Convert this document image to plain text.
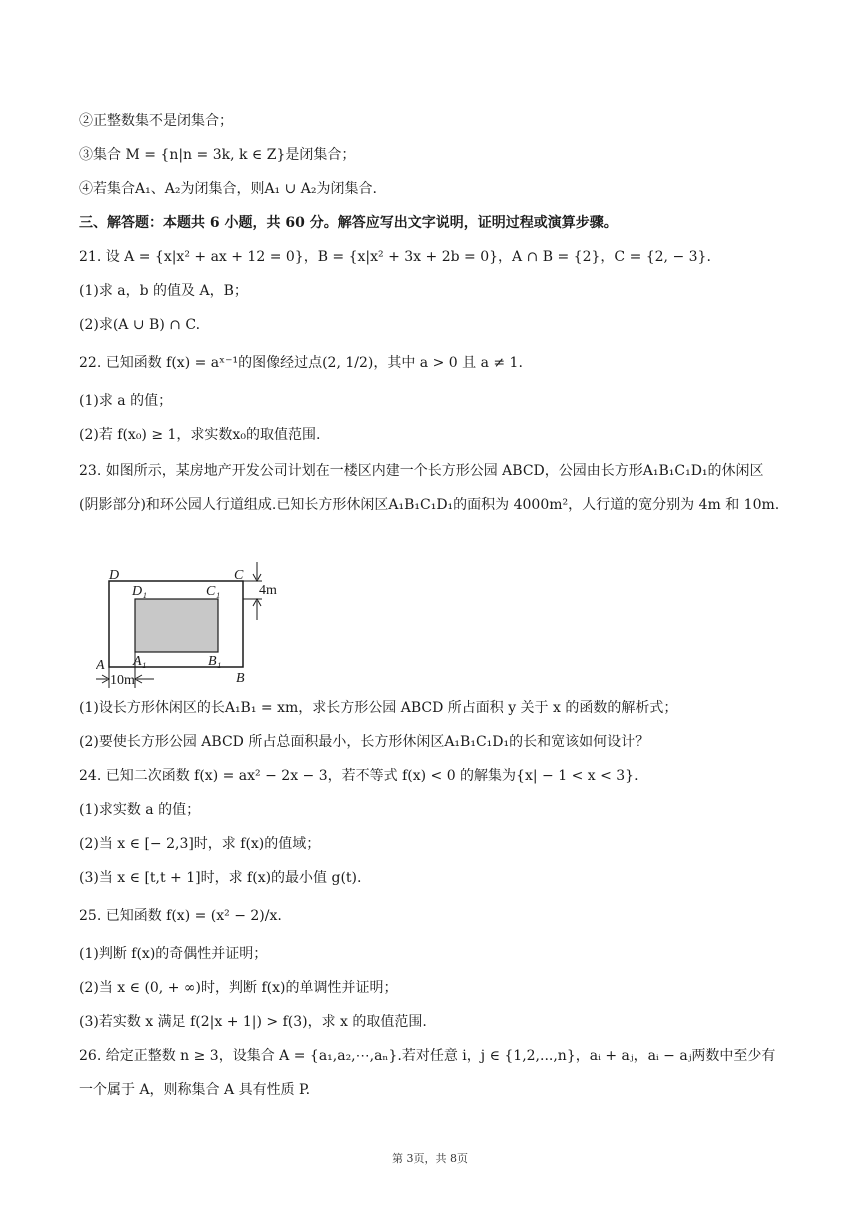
②正整数集不是闭集合；
③集合 M = {n|n = 3k, k ∈ Z}是闭集合；
④若集合A₁、A₂为闭集合，则A₁ ∪ A₂为闭集合.
三、解答题：本题共 6 小题，共 60 分。解答应写出文字说明，证明过程或演算步骤。
21. 设 A = {x|x² + ax + 12 = 0}，B = {x|x² + 3x + 2b = 0}，A ∩ B = {2}，C = {2, − 3}.
(1)求 a，b 的值及 A，B；
(2)求(A ∪ B) ∩ C.
22. 已知函数 f(x) = aˣ⁻¹的图像经过点(2, 1/2)，其中 a > 0 且 a ≠ 1.
(1)求 a 的值；
(2)若 f(x₀) ≥ 1，求实数x₀的取值范围.
23. 如图所示，某房地产开发公司计划在一楼区内建一个长方形公园 ABCD，公园由长方形A₁B₁C₁D₁的休闲区(阴影部分)和环公园人行道组成.已知长方形休闲区A₁B₁C₁D₁的面积为 4000m²，人行道的宽分别为 4m 和 10m.
D	C
A
B
D₁	C₁
A₁	B₁
4m
10m
(1)设长方形休闲区的长A₁B₁ = xm，求长方形公园 ABCD 所占面积 y 关于 x 的函数的解析式；
(2)要使长方形公园 ABCD 所占总面积最小，长方形休闲区A₁B₁C₁D₁的长和宽该如何设计？
24. 已知二次函数 f(x) = ax² − 2x − 3，若不等式 f(x) < 0 的解集为{x| − 1 < x < 3}.
(1)求实数 a 的值；
(2)当 x ∈ [− 2,3]时，求 f(x)的值域；
(3)当 x ∈ [t,t + 1]时，求 f(x)的最小值 g(t).
25. 已知函数 f(x) = (x² − 2)/x.
(1)判断 f(x)的奇偶性并证明；
(2)当 x ∈ (0, + ∞)时，判断 f(x)的单调性并证明；
(3)若实数 x 满足 f(2|x + 1|) > f(3)，求 x 的取值范围.
26. 给定正整数 n ≥ 3，设集合 A = {a₁,a₂,⋯,aₙ}.若对任意 i，j ∈ {1,2,...,n}，aᵢ + aⱼ，aᵢ − aⱼ两数中至少有一个属于 A，则称集合 A 具有性质 P.
第 3页，共 8页
